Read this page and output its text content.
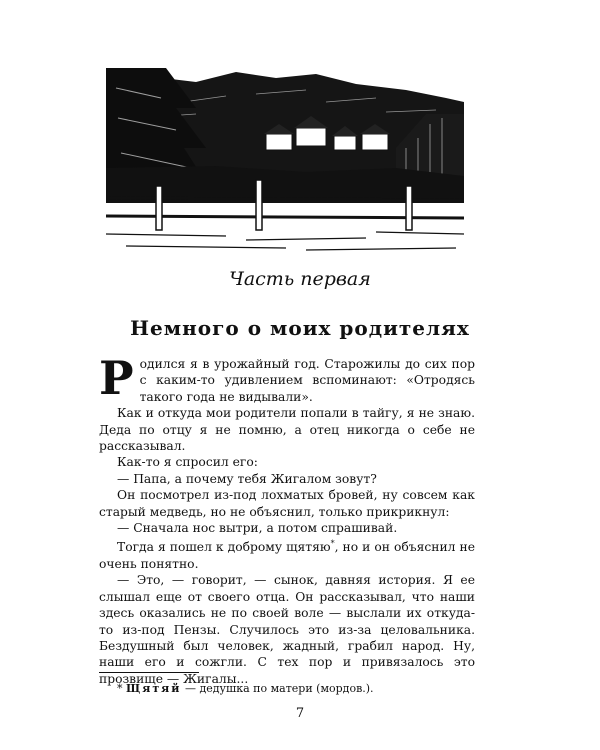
Часть первая
Немного о моих родителях

Родился я в урожайный год. Старожилы до сих пор с каким-то удивлением вспоминают: «Отродясь такого года не видывали».

Как и откуда мои родители попали в тайгу, я не знаю. Деда по отцу я не помню, а отец никогда о себе не рассказывал.

Как-то я спросил его:

— Папа, а почему тебя Жигалом зовут?

Он посмотрел из-под лохматых бровей, ну совсем как старый медведь, но не объяснил, только прикрикнул:

— Сначала нос вытри, а потом спрашивай.

Тогда я пошел к доброму щятяю*, но и он объяснил не очень понятно.

— Это, — говорит, — сынок, давняя история. Я ее слышал еще от своего отца. Он рассказывал, что наши здесь оказались не по своей воле — выслали их откуда-то из-под Пензы. Случилось это из-за целовальника. Бездушный был человек, жадный, грабил народ. Ну, наши его и сожгли. С тех пор и привязалось это прозвище — Жигалы...

* Щятяй — дедушка по матери (мордов.).
7
